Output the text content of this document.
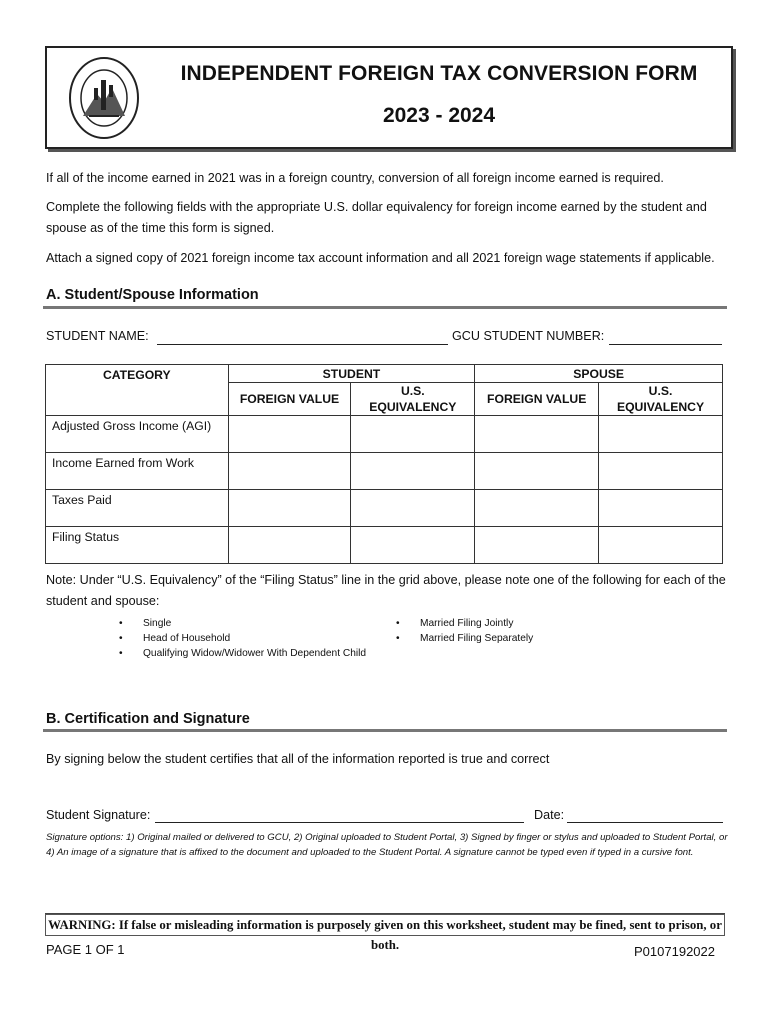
INDEPENDENT FOREIGN TAX CONVERSION FORM
2023 - 2024
If all of the income earned in 2021 was in a foreign country, conversion of all foreign income earned is required.
Complete the following fields with the appropriate U.S. dollar equivalency for foreign income earned by the student and spouse as of the time this form is signed.
Attach a signed copy of 2021 foreign income tax account information and all 2021 foreign wage statements if applicable.
A. Student/Spouse Information
STUDENT NAME:	GCU STUDENT NUMBER:
CATEGORY	STUDENT		SPOUSE	
	FOREIGN VALUE	U.S. EQUIVALENCY	FOREIGN VALUE	U.S. EQUIVALENCY
Adjusted Gross Income (AGI)				
Income Earned from Work				
Taxes Paid				
Filing Status				
Note: Under “U.S. Equivalency” of the “Filing Status” line in the grid above, please note one of the following for each of the student and spouse:
• Single
• Head of Household
• Qualifying Widow/Widower With Dependent Child
• Married Filing Jointly
• Married Filing Separately
B. Certification and Signature
By signing below the student certifies that all of the information reported is true and correct
Student Signature:	Date:
Signature options: 1) Original mailed or delivered to GCU, 2) Original uploaded to Student Portal, 3) Signed by finger or stylus and uploaded to Student Portal, or 4) An image of a signature that is affixed to the document and uploaded to the Student Portal. A signature cannot be typed even if typed in a cursive font.
WARNING: If false or misleading information is purposely given on this worksheet, student may be fined, sent to prison, or both.
PAGE 1 OF 1	P0107192022
